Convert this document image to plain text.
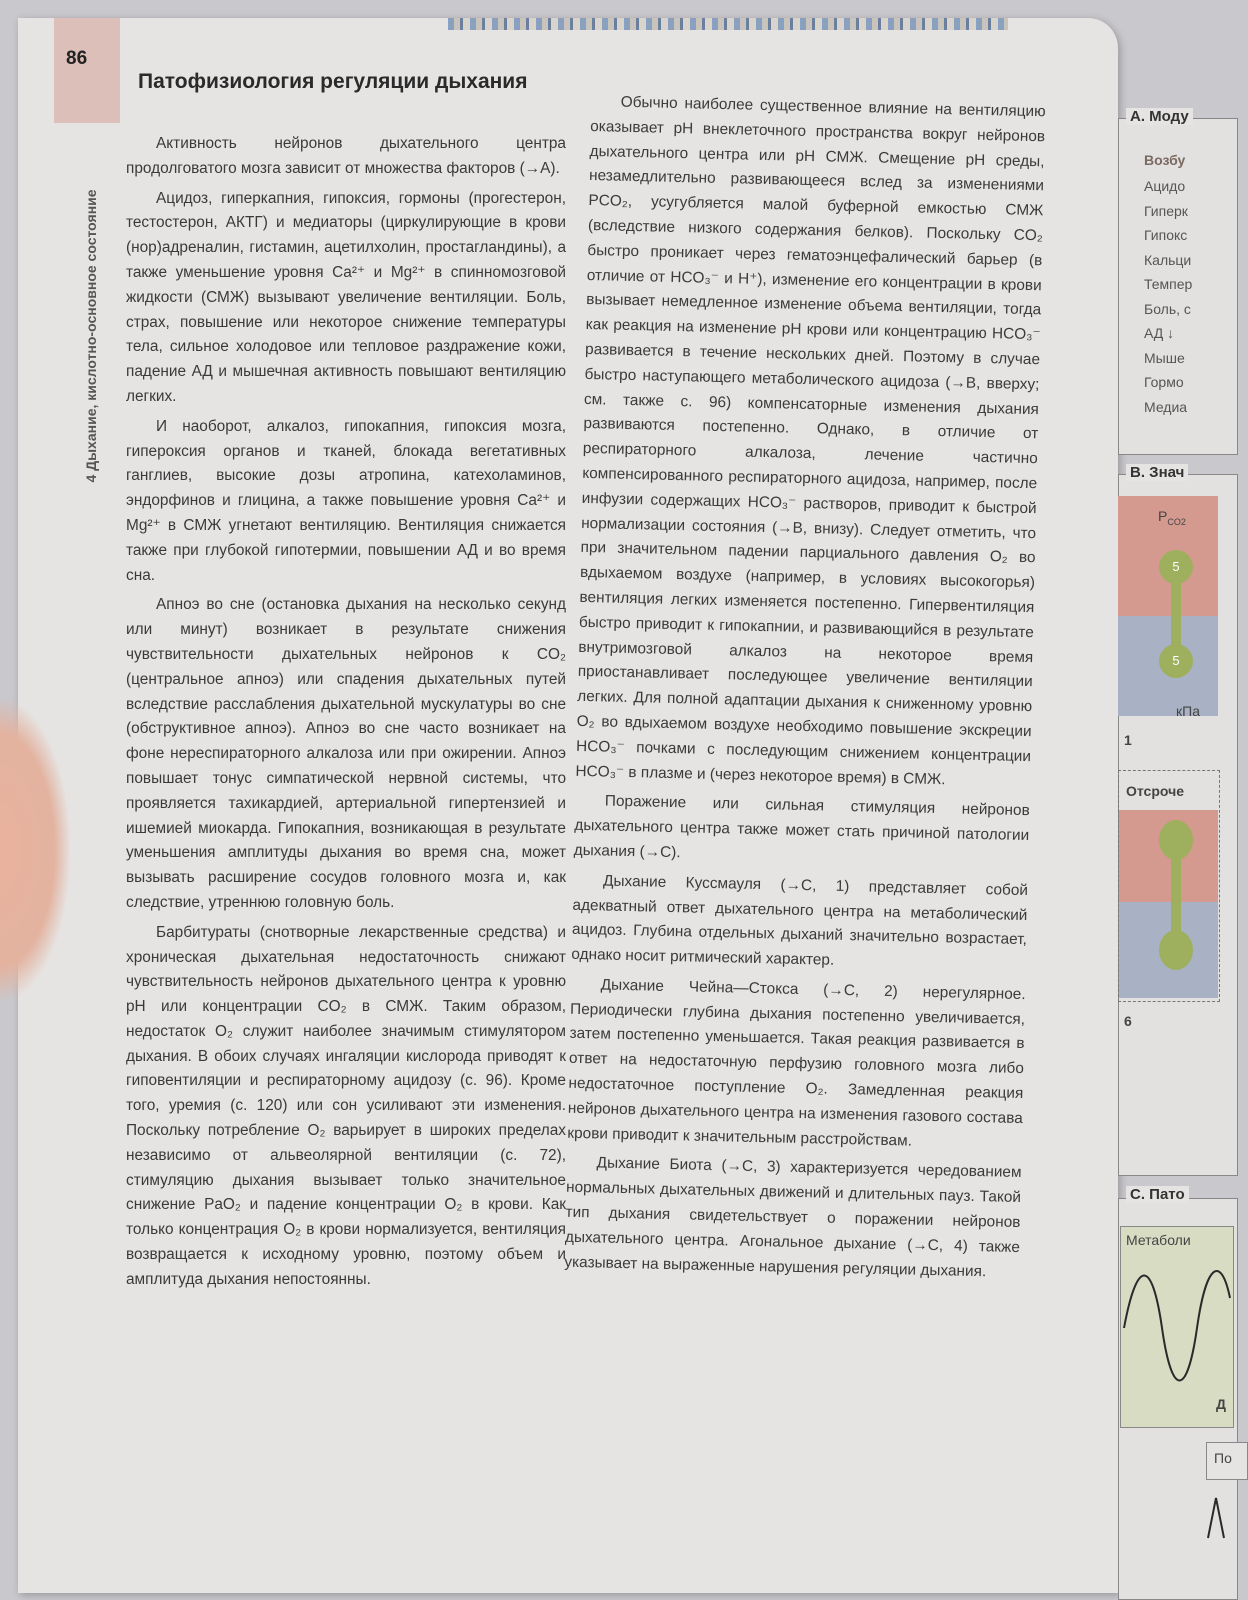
86
Патофизиология регуляции дыхания
4 Дыхание, кислотно-основное состояние

Активность нейронов дыхательного центра продолговатого мозга зависит от множества факторов (→A).

Ацидоз, гиперкапния, гипоксия, гормоны (прогестерон, тестостерон, АКТГ) и медиаторы (циркулирующие в крови (нор)адреналин, гистамин, ацетилхолин, простагландины), а также уменьшение уровня Ca²⁺ и Mg²⁺ в спинномозговой жидкости (СМЖ) вызывают увеличение вентиляции. Боль, страх, повышение или некоторое снижение температуры тела, сильное холодовое или тепловое раздражение кожи, падение АД и мышечная активность повышают вентиляцию легких.

И наоборот, алкалоз, гипокапния, гипоксия мозга, гипероксия органов и тканей, блокада вегетативных ганглиев, высокие дозы атропина, катехоламинов, эндорфинов и глицина, а также повышение уровня Ca²⁺ и Mg²⁺ в СМЖ угнетают вентиляцию. Вентиляция снижается также при глубокой гипотермии, повышении АД и во время сна.

Апноэ во сне (остановка дыхания на несколько секунд или минут) возникает в результате снижения чувствительности дыхательных нейронов к CO₂ (центральное апноэ) или спадения дыхательных путей вследствие расслабления дыхательной мускулатуры во сне (обструктивное апноэ). Апноэ во сне часто возникает на фоне нереспираторного алкалоза или при ожирении. Апноэ повышает тонус симпатической нервной системы, что проявляется тахикардией, артериальной гипертензией и ишемией миокарда. Гипокапния, возникающая в результате уменьшения амплитуды дыхания во время сна, может вызывать расширение сосудов головного мозга и, как следствие, утреннюю головную боль.

Барбитураты (снотворные лекарственные средства) и хроническая дыхательная недостаточность снижают чувствительность нейронов дыхательного центра к уровню pH или концентрации CO₂ в СМЖ. Таким образом, недостаток O₂ служит наиболее значимым стимулятором дыхания. В обоих случаях ингаляции кислорода приводят к гиповентиляции и респираторному ацидозу (с. 96). Кроме того, уремия (с. 120) или сон усиливают эти изменения. Поскольку потребление O₂ варьирует в широких пределах независимо от альвеолярной вентиляции (с. 72), стимуляцию дыхания вызывает только значительное снижение PaO₂ и падение концентрации O₂ в крови. Как только концентрация O₂ в крови нормализуется, вентиляция возвращается к исходному уровню, поэтому объем и амплитуда дыхания непостоянны.

Обычно наиболее существенное влияние на вентиляцию оказывает pH внеклеточного пространства вокруг нейронов дыхательного центра или pH СМЖ. Смещение pH среды, незамедлительно развивающееся вслед за изменениями PCO₂, усугубляется малой буферной емкостью СМЖ (вследствие низкого содержания белков). Поскольку CO₂ быстро проникает через гематоэнцефалический барьер (в отличие от HCO₃⁻ и H⁺), изменение его концентрации в крови вызывает немедленное изменение объема вентиляции, тогда как реакция на изменение pH крови или концентрацию HCO₃⁻ развивается в течение нескольких дней. Поэтому в случае быстро наступающего метаболического ацидоза (→B, вверху; см. также с. 96) компенсаторные изменения дыхания развиваются постепенно. Однако, в отличие от респираторного алкалоза, лечение частично компенсированного респираторного ацидоза, например, после инфузии содержащих HCO₃⁻ растворов, приводит к быстрой нормализации состояния (→B, внизу). Следует отметить, что при значительном падении парциального давления O₂ во вдыхаемом воздухе (например, в условиях высокогорья) вентиляция легких изменяется постепенно. Гипервентиляция быстро приводит к гипокапнии, и развивающийся в результате внутримозговой алкалоз на некоторое время приостанавливает последующее увеличение вентиляции легких. Для полной адаптации дыхания к сниженному уровню O₂ во вдыхаемом воздухе необходимо повышение экскреции HCO₃⁻ почками с последующим снижением концентрации HCO₃⁻ в плазме и (через некоторое время) в СМЖ.

Поражение или сильная стимуляция нейронов дыхательного центра также может стать причиной патологии дыхания (→C).

Дыхание Куссмауля (→C, 1) представляет собой адекватный ответ дыхательного центра на метаболический ацидоз. Глубина отдельных дыханий значительно возрастает, однако носит ритмический характер.

Дыхание Чейна—Стокса (→C, 2) нерегулярное. Периодически глубина дыхания постепенно увеличивается, затем постепенно уменьшается. Такая реакция развивается в ответ на недостаточную перфузию головного мозга либо недостаточное поступление O₂. Замедленная реакция нейронов дыхательного центра на изменения газового состава крови приводит к значительным расстройствам.

Дыхание Биота (→C, 3) характеризуется чередованием нормальных дыхательных движений и длительных пауз. Такой тип дыхания свидетельствует о поражении нейронов дыхательного центра. Агональное дыхание (→C, 4) также указывает на выраженные нарушения регуляции дыхания.

A. Моду
Возбу
Ацидо
Гиперк
Гипокс
Кальци
Темпер
Боль, с
АД ↓
Мыше
Гормо
Медиа
B. Знач
$P_{CO2}$
5
5
кПа
1
Отсроче
6
C. Пато
Метаболи
Д
По
